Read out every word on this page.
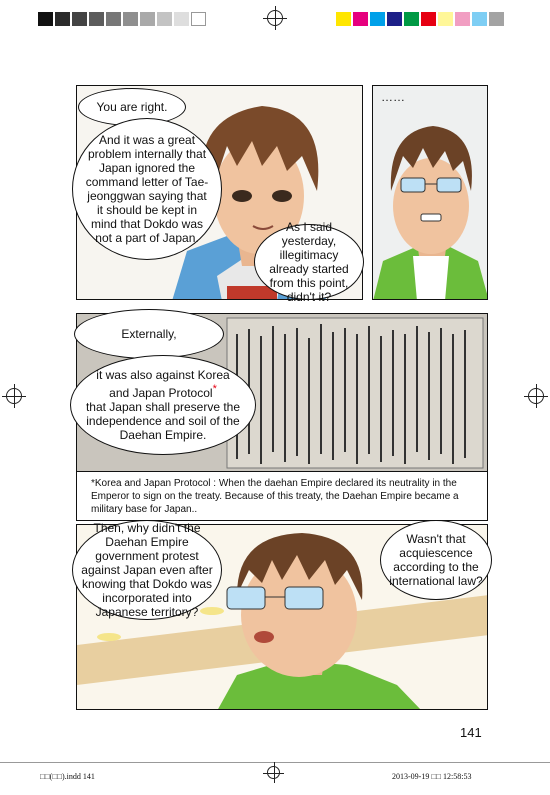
You are right.
And it was a great problem internally that Japan ignored the command letter of Tae-jeonggwan saying that it should be kept in mind that Dokdo was not a part of Japan.
As I said yesterday, illegitimacy already started from this point, didn't it?
……
*Korea and Japan Protocol : When the daehan Empire declared its neutrality in the Emperor to sign on the treaty. Because of this treaty, the Daehan Empire became a military base for Japan..
Externally,
it was also against Korea and Japan Protocol*
that Japan shall preserve the independence and soil of the Daehan Empire.
Then, why didn't the Daehan Empire government protest against Japan even after knowing that Dokdo was incorporated into Japanese territory?
Wasn't that acquiescence according to the international law?
141
□□(□□).indd 141	2013-09-19 □□ 12:58:53
